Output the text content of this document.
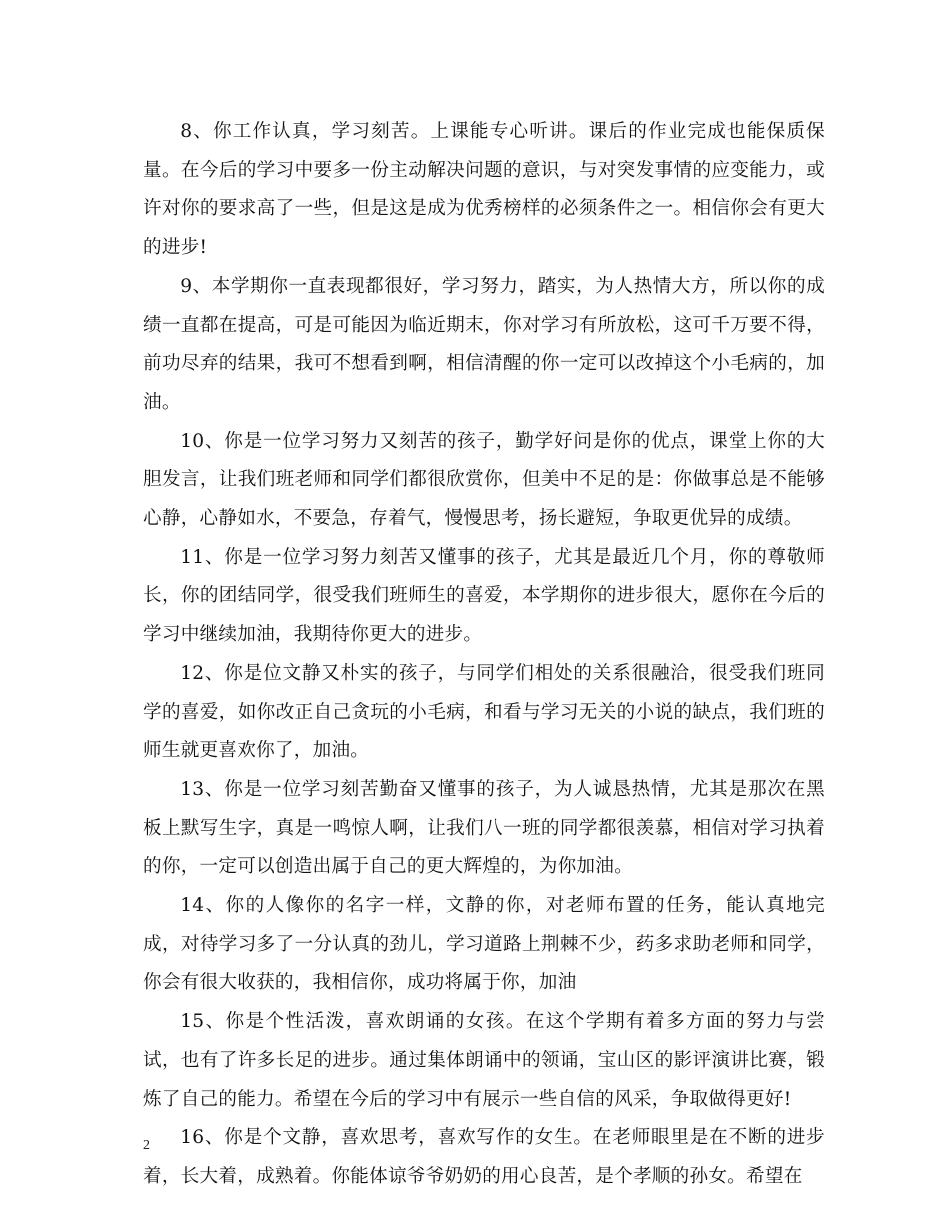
8、你工作认真，学习刻苦。上课能专心听讲。课后的作业完成也能保质保量。在今后的学习中要多一份主动解决问题的意识，与对突发事情的应变能力，或许对你的要求高了一些，但是这是成为优秀榜样的必须条件之一。相信你会有更大的进步!

9、本学期你一直表现都很好，学习努力，踏实，为人热情大方，所以你的成绩一直都在提高，可是可能因为临近期末，你对学习有所放松，这可千万要不得，前功尽弃的结果，我可不想看到啊，相信清醒的你一定可以改掉这个小毛病的，加油。

10、你是一位学习努力又刻苦的孩子，勤学好问是你的优点，课堂上你的大胆发言，让我们班老师和同学们都很欣赏你，但美中不足的是：你做事总是不能够心静，心静如水，不要急，存着气，慢慢思考，扬长避短，争取更优异的成绩。

11、你是一位学习努力刻苦又懂事的孩子，尤其是最近几个月，你的尊敬师长，你的团结同学，很受我们班师生的喜爱，本学期你的进步很大，愿你在今后的学习中继续加油，我期待你更大的进步。

12、你是位文静又朴实的孩子，与同学们相处的关系很融洽，很受我们班同学的喜爱，如你改正自己贪玩的小毛病，和看与学习无关的小说的缺点，我们班的师生就更喜欢你了，加油。

13、你是一位学习刻苦勤奋又懂事的孩子，为人诚恳热情，尤其是那次在黑板上默写生字，真是一鸣惊人啊，让我们八一班的同学都很羡慕，相信对学习执着的你，一定可以创造出属于自己的更大辉煌的，为你加油。

14、你的人像你的名字一样，文静的你，对老师布置的任务，能认真地完成，对待学习多了一分认真的劲儿，学习道路上荆棘不少，药多求助老师和同学，你会有很大收获的，我相信你，成功将属于你，加油

15、你是个性活泼，喜欢朗诵的女孩。在这个学期有着多方面的努力与尝试，也有了许多长足的进步。通过集体朗诵中的领诵，宝山区的影评演讲比赛，锻炼了自己的能力。希望在今后的学习中有展示一些自信的风采，争取做得更好!

16、你是个文静，喜欢思考，喜欢写作的女生。在老师眼里是在不断的进步着，长大着，成熟着。你能体谅爷爷奶奶的用心良苦，是个孝顺的孙女。希望在

2
